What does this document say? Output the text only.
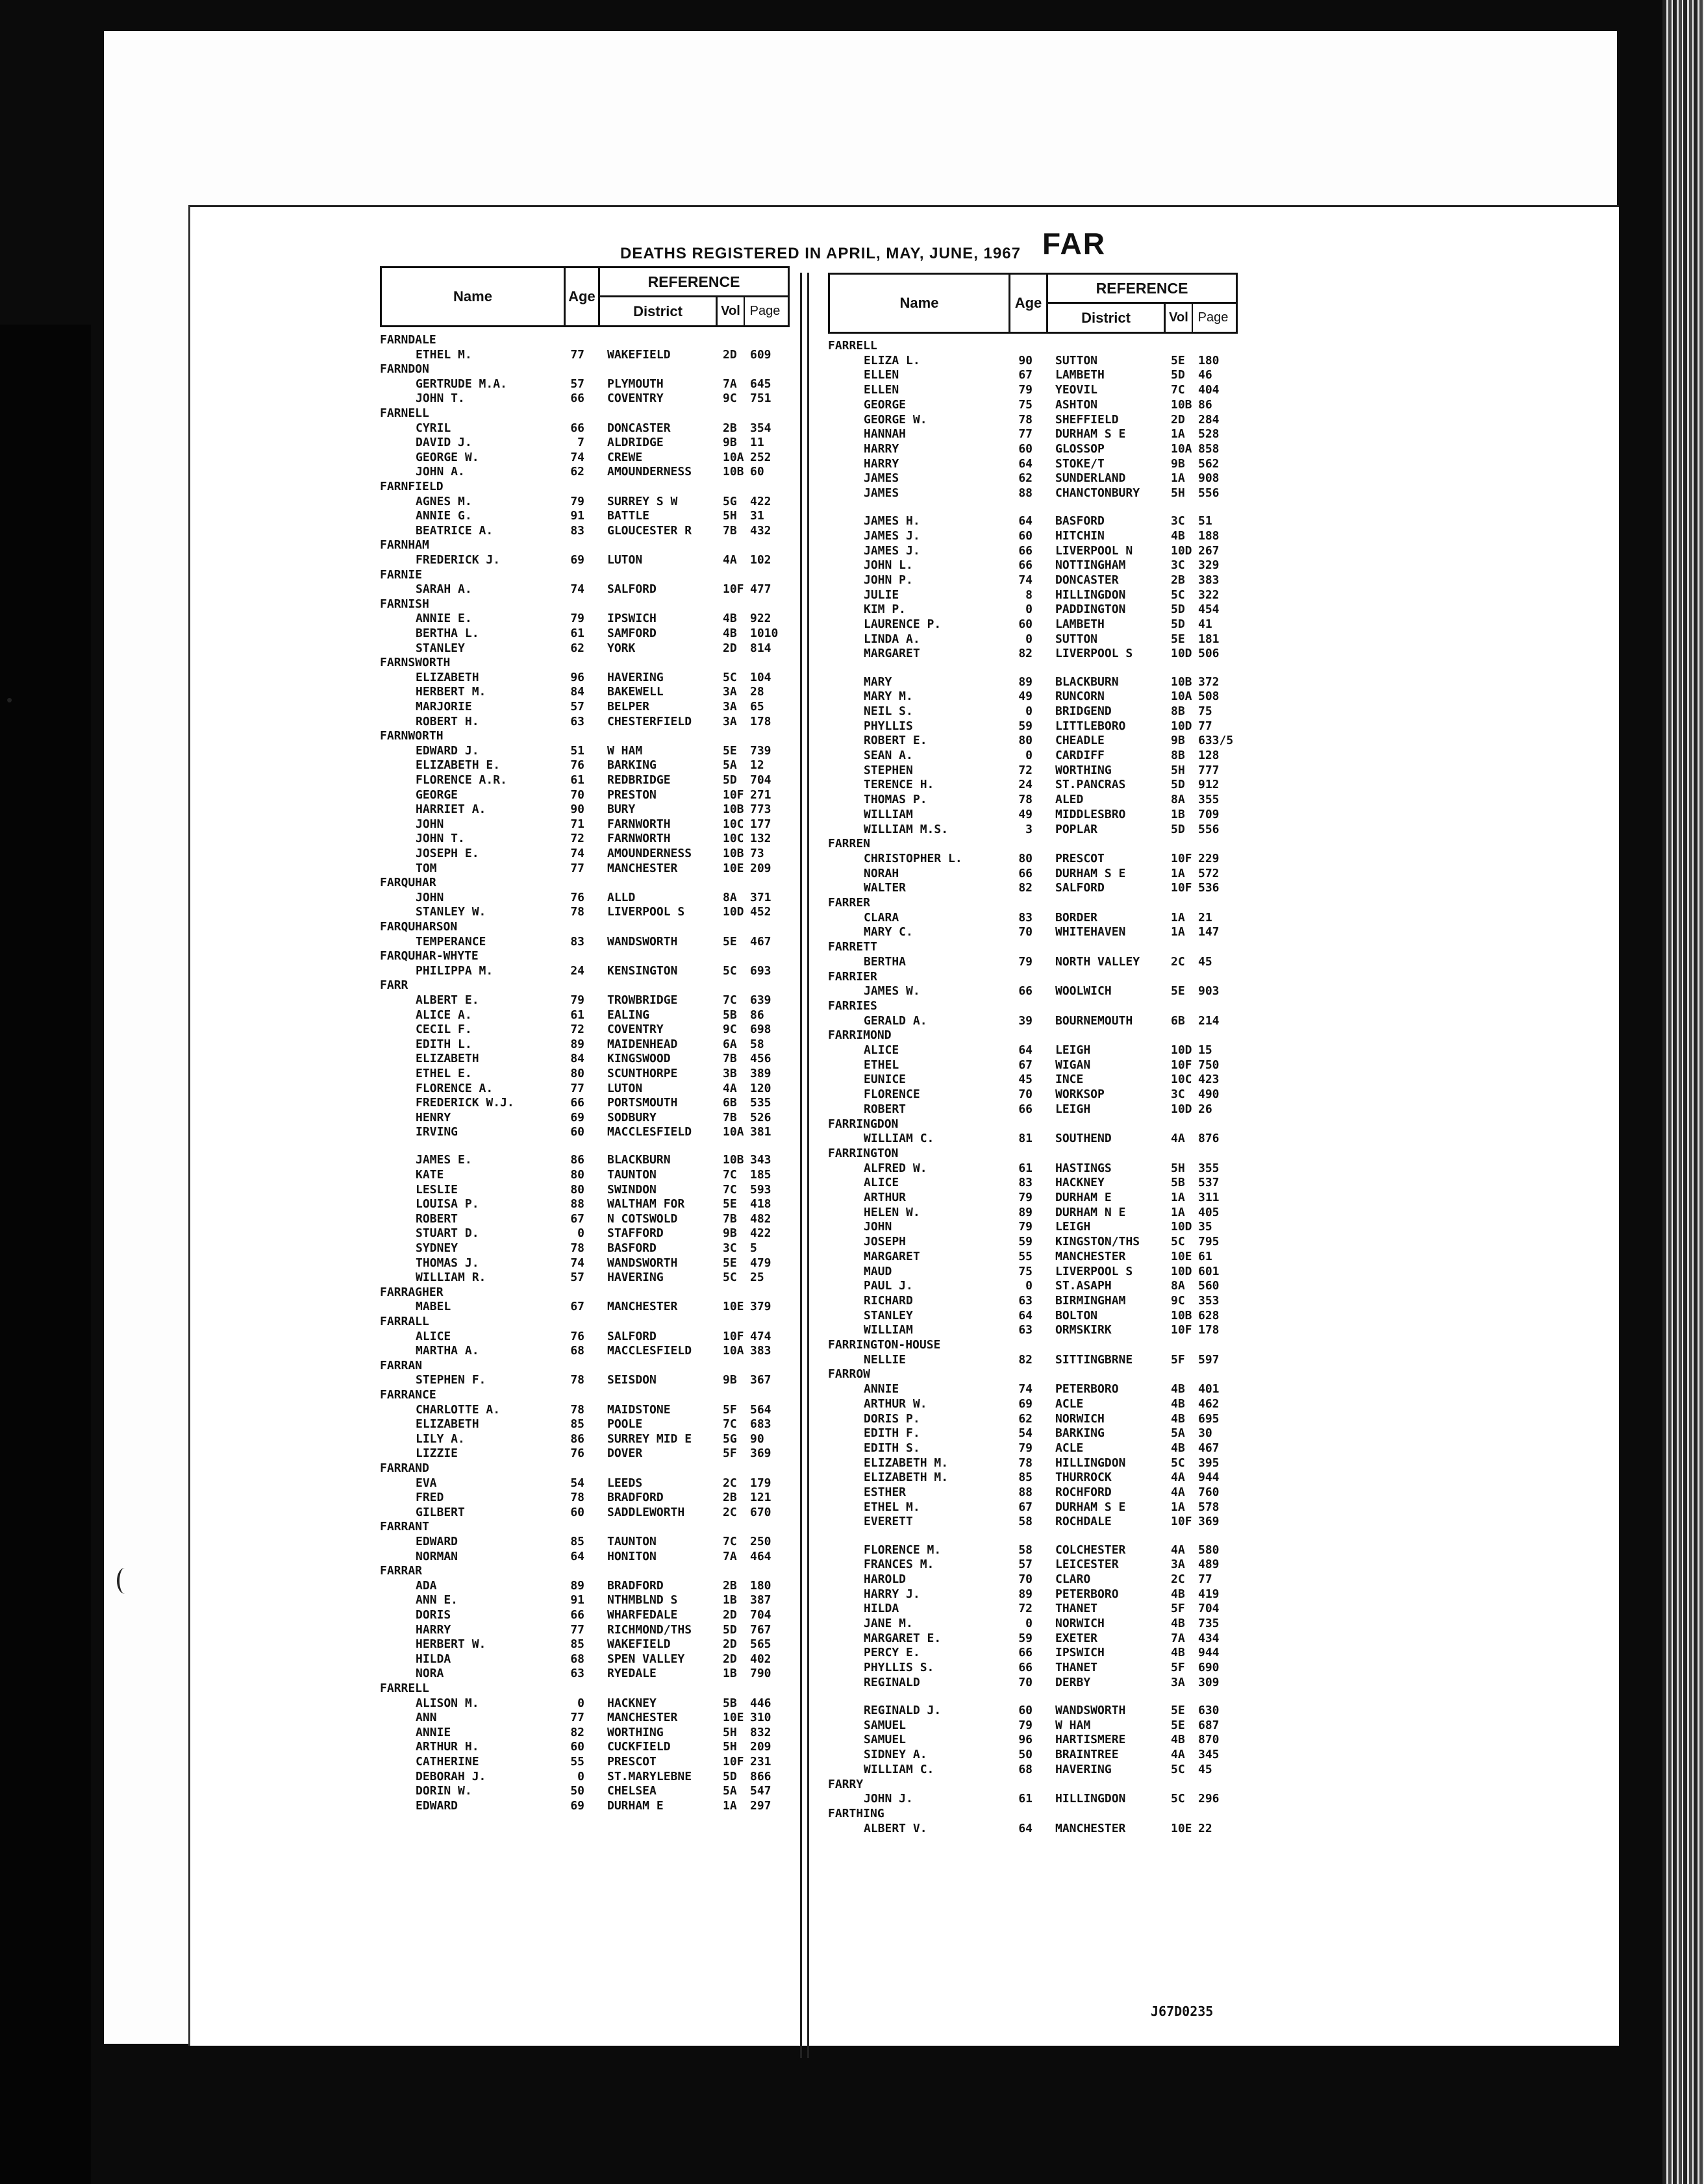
•
DEATHS REGISTERED IN APRIL, MAY, JUNE, 1967 FAR
Name	Age
REFERENCE
District	Vol Page	Name	Age
REFERENCE
District	Vol Page
FARNDALE
ETHEL M.	77 WAKEFIELD	2D 609
FARNDON
GERTRUDE M.A.	57 PLYMOUTH	7A 645
JOHN T.	66 COVENTRY	9C 751
FARNELL
CYRIL	66 DONCASTER	2B 354
DAVID J.	7 ALDRIDGE	9B 11
GEORGE W.	74 CREWE	10A 252
JOHN A.	62 AMOUNDERNESS	10B 60
FARNFIELD
AGNES M.	79 SURREY S W	5G 422
ANNIE G.	91 BATTLE	5H 31
BEATRICE A.	83 GLOUCESTER R	7B 432
FARNHAM
FREDERICK J.	69 LUTON	4A 102
FARNIE
SARAH A.	74 SALFORD	10F 477
FARNISH
ANNIE E.	79 IPSWICH	4B 922
BERTHA L.	61 SAMFORD	4B 1010
STANLEY	62 YORK	2D 814
FARNSWORTH
ELIZABETH	96 HAVERING	5C 104
HERBERT M.	84 BAKEWELL	3A 28
MARJORIE	57 BELPER	3A 65
ROBERT H.	63 CHESTERFIELD	3A 178
FARNWORTH
EDWARD J.	51 W HAM	5E 739
ELIZABETH E.	76 BARKING	5A 12
FLORENCE A.R.	61 REDBRIDGE	5D 704
GEORGE	70 PRESTON	10F 271
HARRIET A.	90 BURY	10B 773
JOHN	71 FARNWORTH	10C 177
JOHN T.	72 FARNWORTH	10C 132
JOSEPH E.	74 AMOUNDERNESS	10B 73
TOM	77 MANCHESTER	10E 209
FARQUHAR
JOHN	76 ALLD	8A 371
STANLEY W.	78 LIVERPOOL S	10D 452
FARQUHARSON
TEMPERANCE	83 WANDSWORTH	5E 467
FARQUHAR-WHYTE
PHILIPPA M.	24 KENSINGTON	5C 693
FARR
ALBERT E.	79 TROWBRIDGE	7C 639
ALICE A.	61 EALING	5B 86
CECIL F.	72 COVENTRY	9C 698
EDITH L.	89 MAIDENHEAD	6A 58
ELIZABETH	84 KINGSWOOD	7B 456
ETHEL E.	80 SCUNTHORPE	3B 389
FLORENCE A.	77 LUTON	4A 120
FREDERICK W.J.	66 PORTSMOUTH	6B 535
HENRY	69 SODBURY	7B 526
IRVING	60 MACCLESFIELD	10A 381
JAMES E.	86 BLACKBURN	10B 343
KATE	80 TAUNTON	7C 185
LESLIE	80 SWINDON	7C 593
LOUISA P.	88 WALTHAM FOR	5E 418
ROBERT	67 N COTSWOLD	7B 482
STUART D.	0 STAFFORD	9B 422
SYDNEY	78 BASFORD	3C 5
THOMAS J.	74 WANDSWORTH	5E 479
WILLIAM R.	57 HAVERING	5C 25
FARRAGHER
MABEL	67 MANCHESTER	10E 379
FARRALL
ALICE	76 SALFORD	10F 474
MARTHA A.	68 MACCLESFIELD	10A 383
FARRAN
STEPHEN F.	78 SEISDON	9B 367
FARRANCE
CHARLOTTE A.	78 MAIDSTONE	5F 564
ELIZABETH	85 POOLE	7C 683
LILY A.	86 SURREY MID E	5G 90
LIZZIE	76 DOVER	5F 369
FARRAND
EVA	54 LEEDS	2C 179
FRED	78 BRADFORD	2B 121
GILBERT	60 SADDLEWORTH	2C 670
FARRANT
EDWARD	85 TAUNTON	7C 250
NORMAN	64 HONITON	7A 464
FARRAR
ADA	89 BRADFORD	2B 180
ANN E.	91 NTHMBLND S	1B 387
DORIS	66 WHARFEDALE	2D 704
HARRY	77 RICHMOND/THS	5D 767
HERBERT W.	85 WAKEFIELD	2D 565
HILDA	68 SPEN VALLEY	2D 402
NORA	63 RYEDALE	1B 790
FARRELL
ALISON M.	0 HACKNEY	5B 446
ANN	77 MANCHESTER	10E 310
ANNIE	82 WORTHING	5H 832
ARTHUR H.	60 CUCKFIELD	5H 209
CATHERINE	55 PRESCOT	10F 231
DEBORAH J.	0 ST.MARYLEBNE	5D 866
DORIN W.	50 CHELSEA	5A 547
EDWARD	69 DURHAM E	1A 297
FARRELL
ELIZA L.	90 SUTTON	5E 180
ELLEN	67 LAMBETH	5D 46
ELLEN	79 YEOVIL	7C 404
GEORGE	75 ASHTON	10B 86
GEORGE W.	78 SHEFFIELD	2D 284
HANNAH	77 DURHAM S E	1A 528
HARRY	60 GLOSSOP	10A 858
HARRY	64 STOKE/T	9B 562
JAMES	62 SUNDERLAND	1A 908
JAMES	88 CHANCTONBURY	5H 556
JAMES H.	64 BASFORD	3C 51
JAMES J.	60 HITCHIN	4B 188
JAMES J.	66 LIVERPOOL N	10D 267
JOHN L.	66 NOTTINGHAM	3C 329
JOHN P.	74 DONCASTER	2B 383
JULIE	8 HILLINGDON	5C 322
KIM P.	0 PADDINGTON	5D 454
LAURENCE P.	60 LAMBETH	5D 41
LINDA A.	0 SUTTON	5E 181
MARGARET	82 LIVERPOOL S	10D 506
MARY	89 BLACKBURN	10B 372
MARY M.	49 RUNCORN	10A 508
NEIL S.	0 BRIDGEND	8B 75
PHYLLIS	59 LITTLEBORO	10D 77
ROBERT E.	80 CHEADLE	9B 633/5
SEAN A.	0 CARDIFF	8B 128
STEPHEN	72 WORTHING	5H 777
TERENCE H.	24 ST.PANCRAS	5D 912
THOMAS P.	78 ALED	8A 355
WILLIAM	49 MIDDLESBRO	1B 709
WILLIAM M.S.	3 POPLAR	5D 556
FARREN
CHRISTOPHER L.	80 PRESCOT	10F 229
NORAH	66 DURHAM S E	1A 572
WALTER	82 SALFORD	10F 536
FARRER
CLARA	83 BORDER	1A 21
MARY C.	70 WHITEHAVEN	1A 147
FARRETT
BERTHA	79 NORTH VALLEY	2C 45
FARRIER
JAMES W.	66 WOOLWICH	5E 903
FARRIES
GERALD A.	39 BOURNEMOUTH	6B 214
FARRIMOND
ALICE	64 LEIGH	10D 15
ETHEL	67 WIGAN	10F 750
EUNICE	45 INCE	10C 423
FLORENCE	70 WORKSOP	3C 490
ROBERT	66 LEIGH	10D 26
FARRINGDON
WILLIAM C.	81 SOUTHEND	4A 876
FARRINGTON
ALFRED W.	61 HASTINGS	5H 355
ALICE	83 HACKNEY	5B 537
ARTHUR	79 DURHAM E	1A 311
HELEN W.	89 DURHAM N E	1A 405
JOHN	79 LEIGH	10D 35
JOSEPH	59 KINGSTON/THS	5C 795
MARGARET	55 MANCHESTER	10E 61
MAUD	75 LIVERPOOL S	10D 601
PAUL J.	0 ST.ASAPH	8A 560
RICHARD	63 BIRMINGHAM	9C 353
STANLEY	64 BOLTON	10B 628
WILLIAM	63 ORMSKIRK	10F 178
FARRINGTON-HOUSE
NELLIE	82 SITTINGBRNE	5F 597
FARROW
ANNIE	74 PETERBORO	4B 401
ARTHUR W.	69 ACLE	4B 462
DORIS P.	62 NORWICH	4B 695
EDITH F.	54 BARKING	5A 30
EDITH S.	79 ACLE	4B 467
ELIZABETH M.	78 HILLINGDON	5C 395
ELIZABETH M.	85 THURROCK	4A 944
ESTHER	88 ROCHFORD	4A 760
ETHEL M.	67 DURHAM S E	1A 578
EVERETT	58 ROCHDALE	10F 369
FLORENCE M.	58 COLCHESTER	4A 580
FRANCES M.	57 LEICESTER	3A 489
HAROLD	70 CLARO	2C 77
HARRY J.	89 PETERBORO	4B 419
HILDA	72 THANET	5F 704
JANE M.	0 NORWICH	4B 735
MARGARET E.	59 EXETER	7A 434
PERCY E.	66 IPSWICH	4B 944
PHYLLIS S.	66 THANET	5F 690
REGINALD	70 DERBY	3A 309
REGINALD J.	60 WANDSWORTH	5E 630
SAMUEL	79 W HAM	5E 687
SAMUEL	96 HARTISMERE	4B 870
SIDNEY A.	50 BRAINTREE	4A 345
WILLIAM C.	68 HAVERING	5C 45
FARRY
JOHN J.	61 HILLINGDON	5C 296
FARTHING
ALBERT V.	64 MANCHESTER	10E 22
J67D0235
